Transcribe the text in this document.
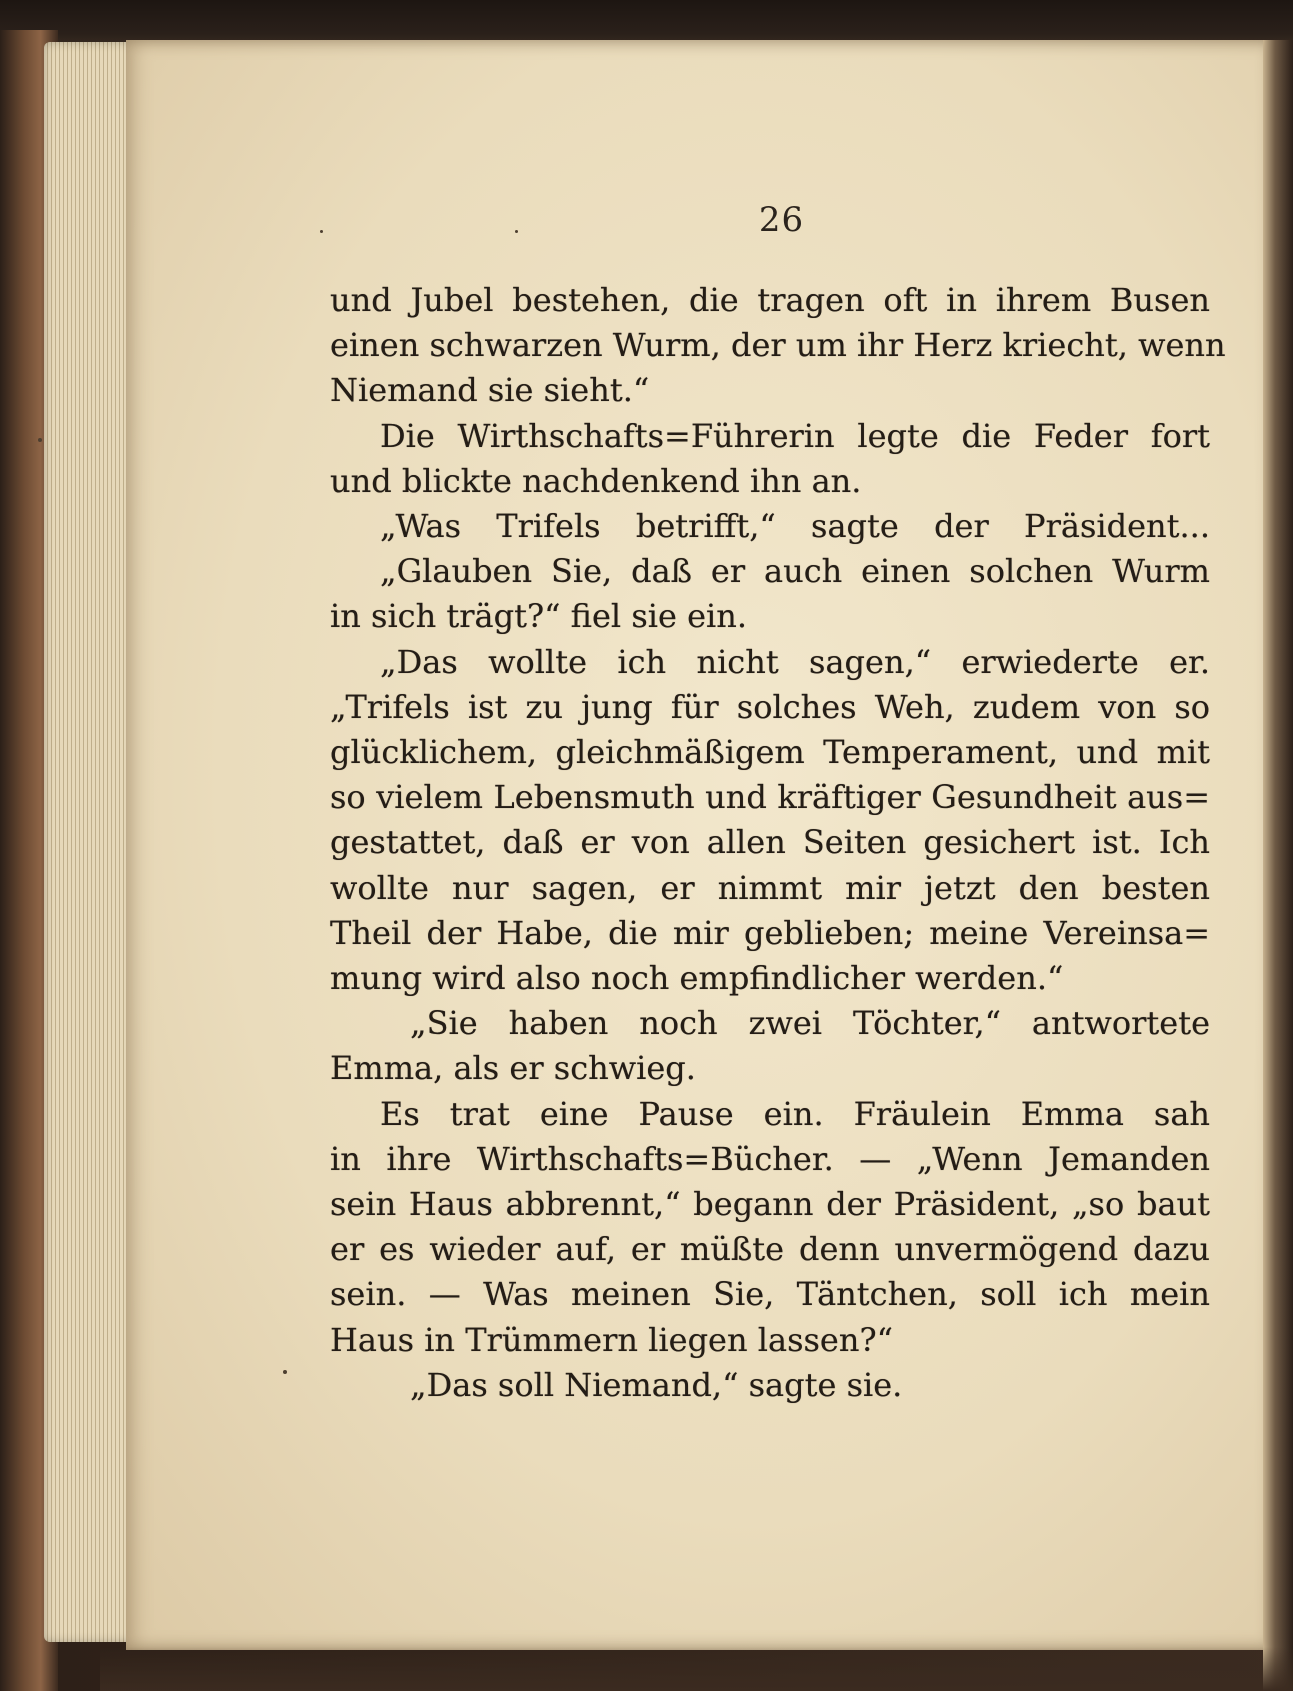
26
und Jubel bestehen, die tragen oft in ihrem Busen
einen schwarzen Wurm, der um ihr Herz kriecht, wenn
Niemand sie sieht.“
Die Wirthschafts=Führerin legte die Feder fort
und blickte nachdenkend ihn an.
„Was Trifels betrifft,“ sagte der Präsident...
„Glauben Sie, daß er auch einen solchen Wurm
in sich trägt?“ fiel sie ein.
„Das wollte ich nicht sagen,“ erwiederte er.
„Trifels ist zu jung für solches Weh, zudem von so
glücklichem, gleichmäßigem Temperament, und mit
so vielem Lebensmuth und kräftiger Gesundheit aus=
gestattet, daß er von allen Seiten gesichert ist. Ich
wollte nur sagen, er nimmt mir jetzt den besten
Theil der Habe, die mir geblieben; meine Vereinsa=
mung wird also noch empfindlicher werden.“
„Sie haben noch zwei Töchter,“ antwortete
Emma, als er schwieg.
Es trat eine Pause ein. Fräulein Emma sah
in ihre Wirthschafts=Bücher. — „Wenn Jemanden
sein Haus abbrennt,“ begann der Präsident, „so baut
er es wieder auf, er müßte denn unvermögend dazu
sein. — Was meinen Sie, Täntchen, soll ich mein
Haus in Trümmern liegen lassen?“
„Das soll Niemand,“ sagte sie.
